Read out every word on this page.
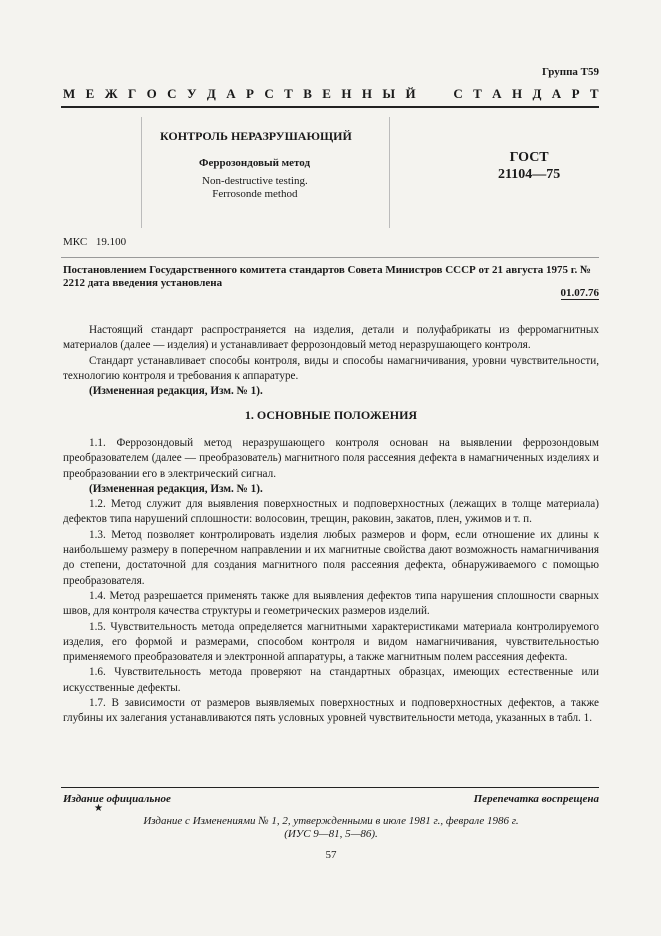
Группа Т59
М Е Ж Г О С У Д А Р С Т В Е Н Н Ы Й

	С Т А Н Д А Р Т
КОНТРОЛЬ НЕРАЗРУШАЮЩИЙ
Феррозондовый метод
Non-destructive testing.
Ferrosonde method
ГОСТ
21104—75
МКС 19.100
Постановлением Государственного комитета стандартов Совета Министров СССР от 21 августа 1975 г. № 2212 дата введения установлена
01.07.76

Настоящий стандарт распространяется на изделия, детали и полуфабрикаты из ферромагнитных материалов (далее — изделия) и устанавливает феррозондовый метод неразрушающего контроля.

Стандарт устанавливает способы контроля, виды и способы намагничивания, уровни чувствительности, технологию контроля и требования к аппаратуре.

(Измененная редакция, Изм. № 1).

1. ОСНОВНЫЕ ПОЛОЖЕНИЯ

1.1. Феррозондовый метод неразрушающего контроля основан на выявлении феррозондовым преобразователем (далее — преобразователь) магнитного поля рассеяния дефекта в намагниченных изделиях и преобразовании его в электрический сигнал.

(Измененная редакция, Изм. № 1).

1.2. Метод служит для выявления поверхностных и подповерхностных (лежащих в толще материала) дефектов типа нарушений сплошности: волосовин, трещин, раковин, закатов, плен, ужимов и т. п.

1.3. Метод позволяет контролировать изделия любых размеров и форм, если отношение их длины к наибольшему размеру в поперечном направлении и их магнитные свойства дают возможность намагничивания до степени, достаточной для создания магнитного поля рассеяния дефекта, обнаруживаемого с помощью преобразователя.

1.4. Метод разрешается применять также для выявления дефектов типа нарушения сплошности сварных швов, для контроля качества структуры и геометрических размеров изделий.

1.5. Чувствительность метода определяется магнитными характеристиками материала контролируемого изделия, его формой и размерами, способом контроля и видом намагничивания, чувствительностью применяемого преобразователя и электронной аппаратуры, а также магнитным полем рассеяния дефекта.

1.6. Чувствительность метода проверяют на стандартных образцах, имеющих естественные или искусственные дефекты.

1.7. В зависимости от размеров выявляемых поверхностных и подповерхностных дефектов, а также глубины их залегания устанавливаются пять условных уровней чувствительности метода, указанных в табл. 1.

Издание официальное	Перепечатка воспрещена
★
Издание с Изменениями № 1, 2, утвержденными в июле 1981 г., феврале 1986 г.
(ИУС 9—81, 5—86).
57
